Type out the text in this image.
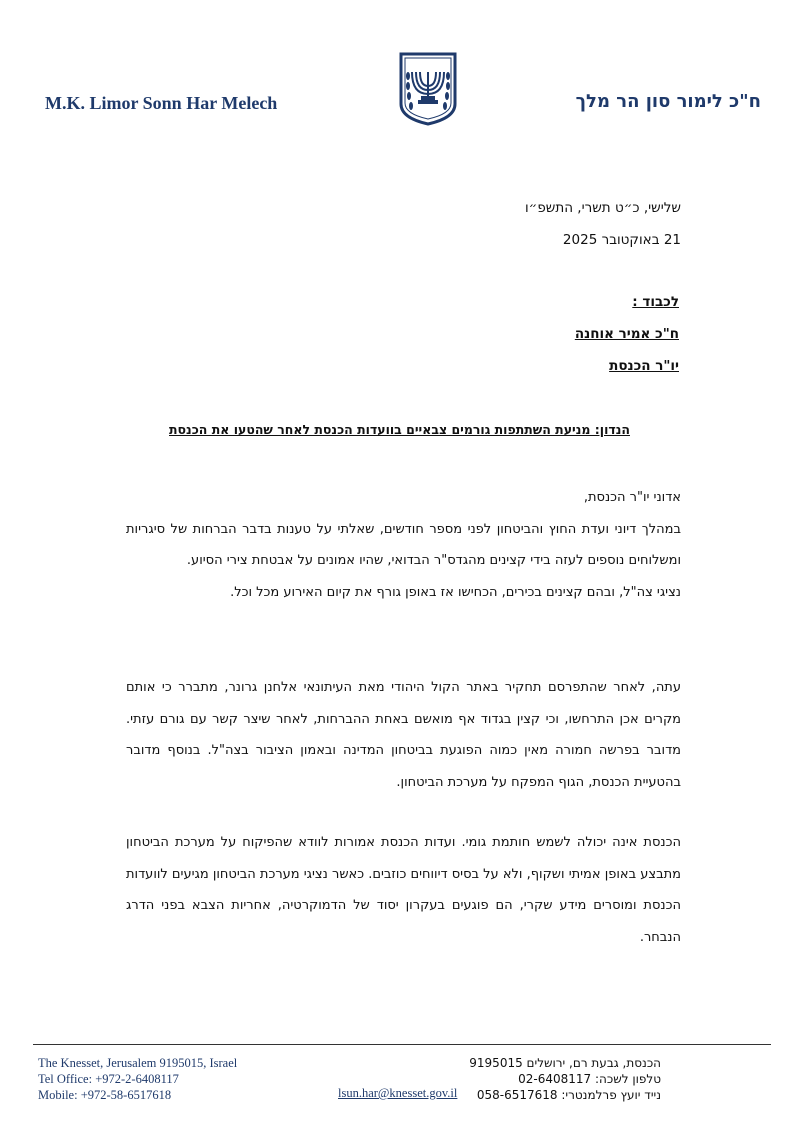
M.K. Limor Sonn Har Melech	ח"כ לימור סון הר מלך
שלישי, כ״ט תשרי, התשפ״ו
21 באוקטובר 2025
לכבוד :
ח"כ אמיר אוחנה
יו"ר הכנסת
הנדון: מניעת השתתפות גורמים צבאיים בוועדות הכנסת לאחר שהטעו את הכנסת
אדוני יו"ר הכנסת,
במהלך דיוני ועדת החוץ והביטחון לפני מספר חודשים, שאלתי על טענות בדבר הברחות של סיגריות ומשלוחים נוספים לעזה בידי קצינים מהגדס"ר הבדואי, שהיו אמונים על אבטחת צירי הסיוע.
נציגי צה"ל, ובהם קצינים בכירים, הכחישו אז באופן גורף את קיום האירוע מכל וכל.
עתה, לאחר שהתפרסם תחקיר באתר הקול היהודי מאת העיתונאי אלחנן גרונר, מתברר כי אותם מקרים אכן התרחשו, וכי קצין בגדוד אף מואשם באחת ההברחות, לאחר שיצר קשר עם גורם עזתי. מדובר בפרשה חמורה מאין כמוה הפוגעת בביטחון המדינה ובאמון הציבור בצה"ל. בנוסף מדובר בהטעיית הכנסת, הגוף המפקח על מערכת הביטחון.
הכנסת אינה יכולה לשמש חותמת גומי. ועדות הכנסת אמורות לוודא שהפיקוח על מערכת הביטחון מתבצע באופן אמיתי ושקוף, ולא על בסיס דיווחים כוזבים. כאשר נציגי מערכת הביטחון מגיעים לוועדות הכנסת ומוסרים מידע שקרי, הם פוגעים בעקרון יסוד של הדמוקרטיה, אחריות הצבא בפני הדרג הנבחר.
The Knesset, Jerusalem 9195015, Israel
Tel Office: +972-2-6408117
Mobile: +972-58-6517618	lsun.har@knesset.gov.il
הכנסת, גבעת רם, ירושלים 9195015
טלפון לשכה: 02-6408117
נייד יועץ פרלמנטרי: 058-6517618
